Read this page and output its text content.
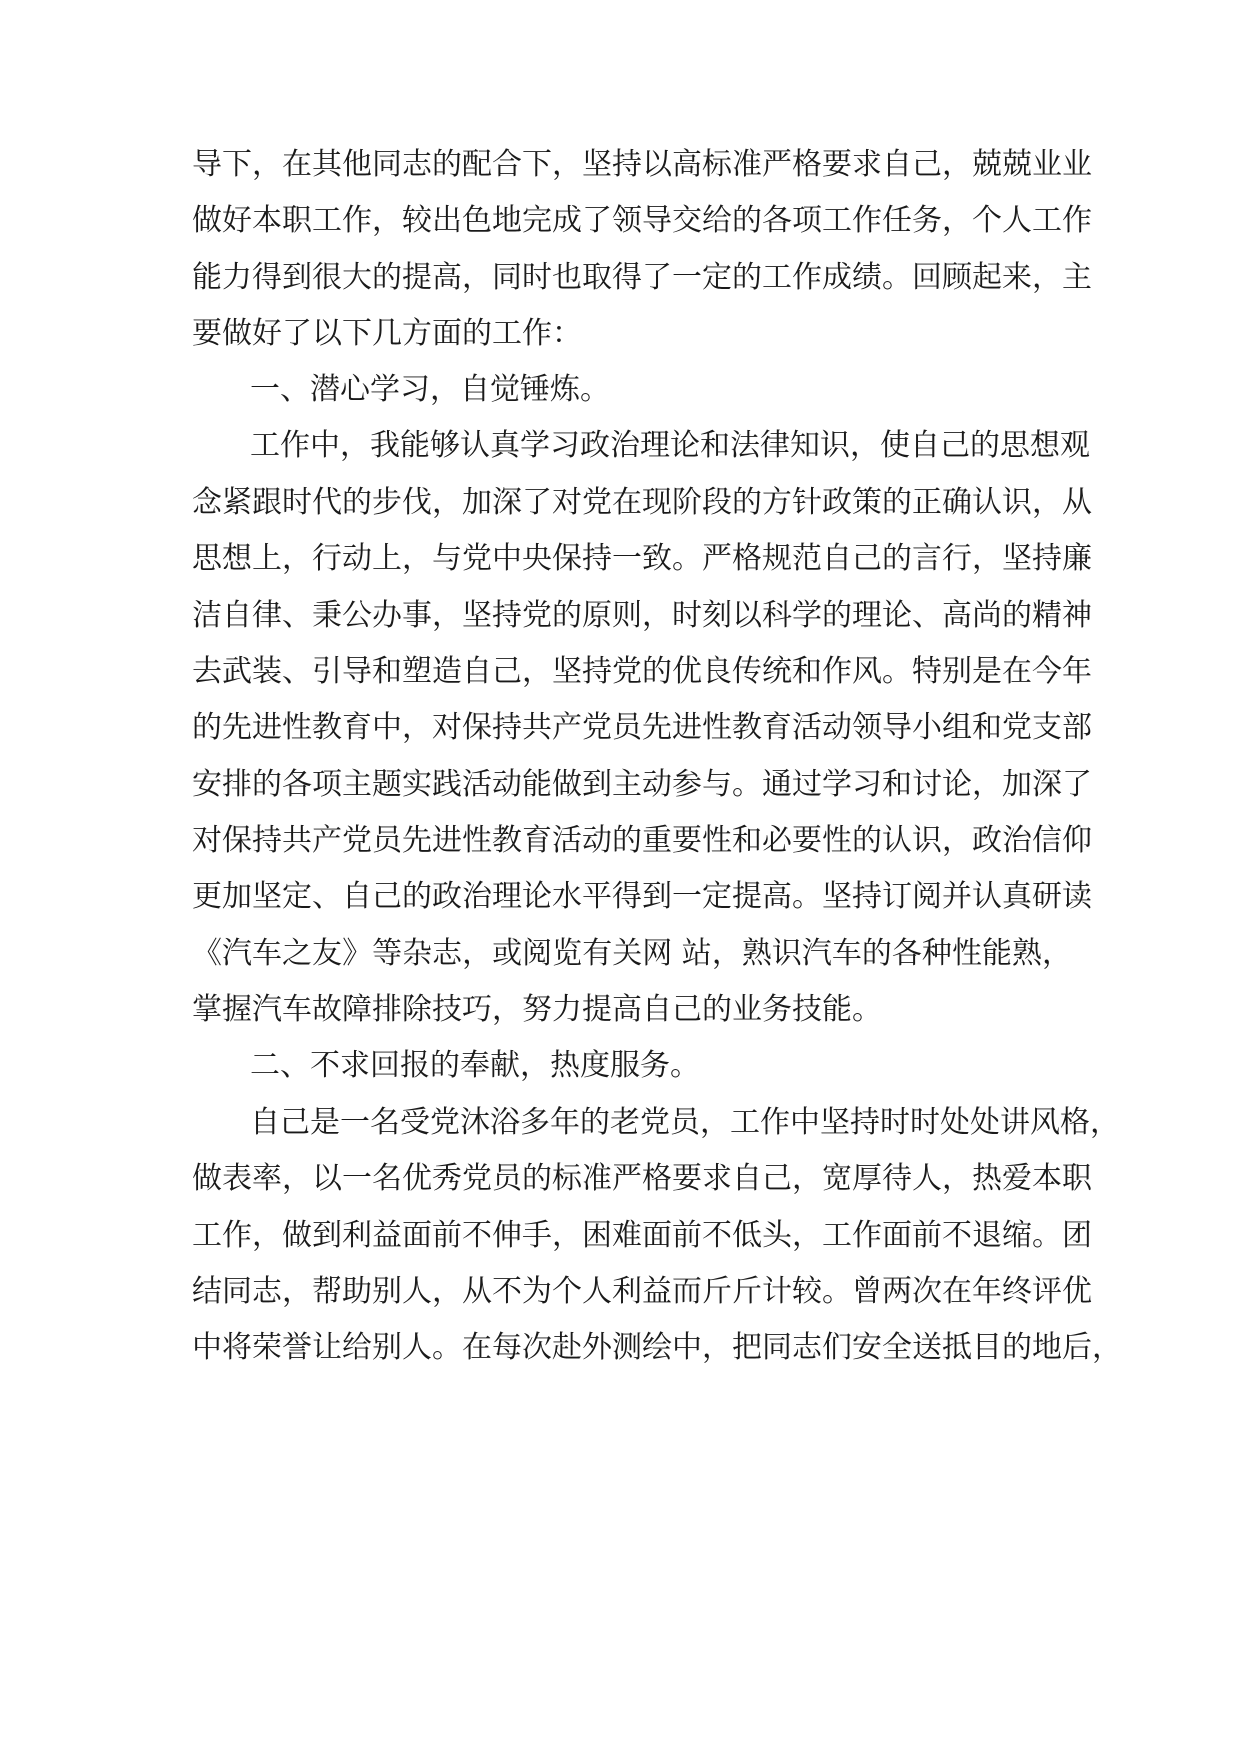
导下，在其他同志的配合下，坚持以高标准严格要求自己，兢兢业业
做好本职工作，较出色地完成了领导交给的各项工作任务，个人工作
能力得到很大的提高，同时也取得了一定的工作成绩。回顾起来，主
要做好了以下几方面的工作：
一、潜心学习，自觉锤炼。
工作中，我能够认真学习政治理论和法律知识，使自己的思想观
念紧跟时代的步伐，加深了对党在现阶段的方针政策的正确认识，从
思想上，行动上，与党中央保持一致。严格规范自己的言行，坚持廉
洁自律、秉公办事，坚持党的原则，时刻以科学的理论、高尚的精神
去武装、引导和塑造自己，坚持党的优良传统和作风。特别是在今年
的先进性教育中，对保持共产党员先进性教育活动领导小组和党支部
安排的各项主题实践活动能做到主动参与。通过学习和讨论，加深了
对保持共产党员先进性教育活动的重要性和必要性的认识，政治信仰
更加坚定、自己的政治理论水平得到一定提高。坚持订阅并认真研读
《汽车之友》等杂志，或阅览有关网 站，熟识汽车的各种性能熟，
掌握汽车故障排除技巧，努力提高自己的业务技能。
二、不求回报的奉献，热度服务。
自己是一名受党沐浴多年的老党员，工作中坚持时时处处讲风格，
做表率，以一名优秀党员的标准严格要求自己，宽厚待人，热爱本职
工作，做到利益面前不伸手，困难面前不低头，工作面前不退缩。团
结同志，帮助别人，从不为个人利益而斤斤计较。曾两次在年终评优
中将荣誉让给别人。在每次赴外测绘中，把同志们安全送抵目的地后，
